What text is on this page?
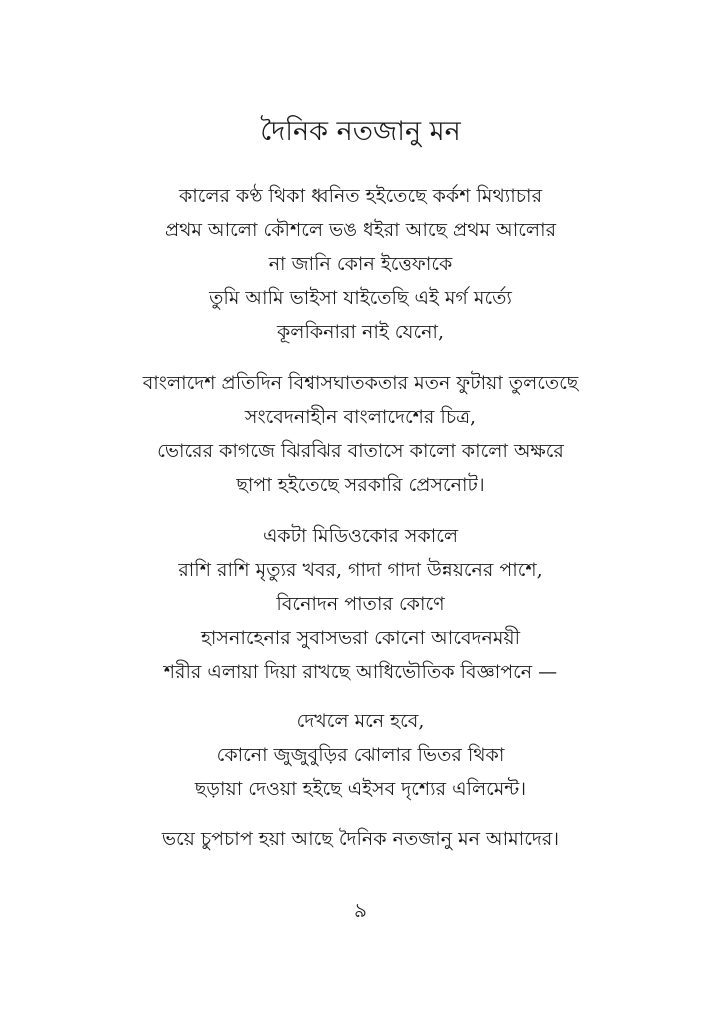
দৈনিক নতজানু মন
কালের কণ্ঠ থিকা ধ্বনিত হইতেছে কর্কশ মিথ্যাচার
প্রথম আলো কৌশলে ভঙ ধইরা আছে প্রথম আলোর
না জানি কোন ইত্তেফাকে
তুমি আমি ভাইসা যাইতেছি এই মর্গ মর্ত্যে
কূলকিনারা নাই যেনো,
বাংলাদেশ প্রতিদিন বিশ্বাসঘাতকতার মতন ফুটায়া তুলতেছে
সংবেদনাহীন বাংলাদেশের চিত্র,
ভোরের কাগজে ঝিরঝির বাতাসে কালো কালো অক্ষরে
ছাপা হইতেছে সরকারি প্রেসনোট।
একটা মিডিওকোর সকালে
রাশি রাশি মৃত্যুর খবর, গাদা গাদা উন্নয়নের পাশে,
বিনোদন পাতার কোণে
হাসনাহেনার সুবাসভরা কোনো আবেদনময়ী
শরীর এলায়া দিয়া রাখছে আধিভৌতিক বিজ্ঞাপনে —
দেখলে মনে হবে,
কোনো জুজুবুড়ির ঝোলার ভিতর থিকা
ছড়ায়া দেওয়া হইছে এইসব দৃশ্যের এলিমেন্ট।
ভয়ে চুপচাপ হয়া আছে দৈনিক নতজানু মন আমাদের।
৯
